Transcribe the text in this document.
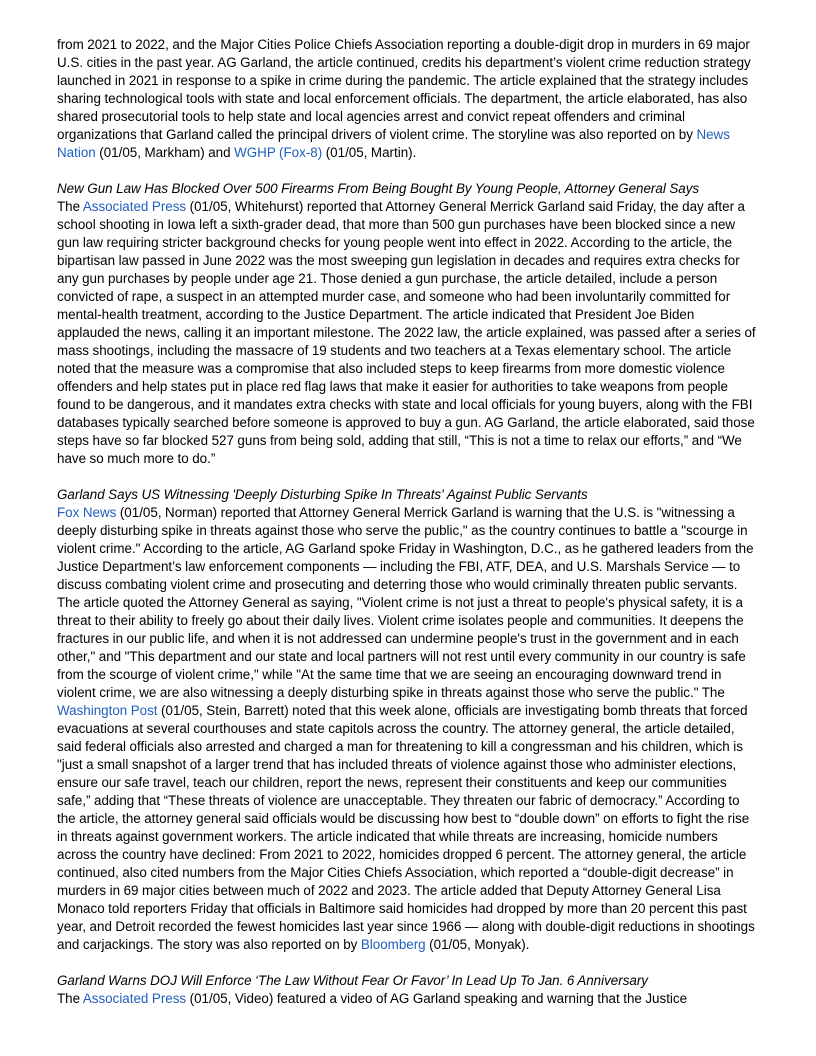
from 2021 to 2022, and the Major Cities Police Chiefs Association reporting a double-digit drop in murders in 69 major U.S. cities in the past year. AG Garland, the article continued, credits his department’s violent crime reduction strategy launched in 2021 in response to a spike in crime during the pandemic. The article explained that the strategy includes sharing technological tools with state and local enforcement officials. The department, the article elaborated, has also shared prosecutorial tools to help state and local agencies arrest and convict repeat offenders and criminal organizations that Garland called the principal drivers of violent crime. The storyline was also reported on by News Nation (01/05, Markham) and WGHP (Fox-8) (01/05, Martin).

New Gun Law Has Blocked Over 500 Firearms From Being Bought By Young People, Attorney General Says
The Associated Press (01/05, Whitehurst) reported that Attorney General Merrick Garland said Friday, the day after a school shooting in Iowa left a sixth-grader dead, that more than 500 gun purchases have been blocked since a new gun law requiring stricter background checks for young people went into effect in 2022. According to the article, the bipartisan law passed in June 2022 was the most sweeping gun legislation in decades and requires extra checks for any gun purchases by people under age 21. Those denied a gun purchase, the article detailed, include a person convicted of rape, a suspect in an attempted murder case, and someone who had been involuntarily committed for mental-health treatment, according to the Justice Department. The article indicated that President Joe Biden applauded the news, calling it an important milestone. The 2022 law, the article explained, was passed after a series of mass shootings, including the massacre of 19 students and two teachers at a Texas elementary school. The article noted that the measure was a compromise that also included steps to keep firearms from more domestic violence offenders and help states put in place red flag laws that make it easier for authorities to take weapons from people found to be dangerous, and it mandates extra checks with state and local officials for young buyers, along with the FBI databases typically searched before someone is approved to buy a gun. AG Garland, the article elaborated, said those steps have so far blocked 527 guns from being sold, adding that still, “This is not a time to relax our efforts,” and “We have so much more to do.”

Garland Says US Witnessing 'Deeply Disturbing Spike In Threats' Against Public Servants
Fox News (01/05, Norman) reported that Attorney General Merrick Garland is warning that the U.S. is "witnessing a deeply disturbing spike in threats against those who serve the public," as the country continues to battle a "scourge in violent crime." According to the article, AG Garland spoke Friday in Washington, D.C., as he gathered leaders from the Justice Department’s law enforcement components — including the FBI, ATF, DEA, and U.S. Marshals Service — to discuss combating violent crime and prosecuting and deterring those who would criminally threaten public servants. The article quoted the Attorney General as saying, "Violent crime is not just a threat to people's physical safety, it is a threat to their ability to freely go about their daily lives. Violent crime isolates people and communities. It deepens the fractures in our public life, and when it is not addressed can undermine people's trust in the government and in each other," and "This department and our state and local partners will not rest until every community in our country is safe from the scourge of violent crime," while "At the same time that we are seeing an encouraging downward trend in violent crime, we are also witnessing a deeply disturbing spike in threats against those who serve the public." The Washington Post (01/05, Stein, Barrett) noted that this week alone, officials are investigating bomb threats that forced evacuations at several courthouses and state capitols across the country. The attorney general, the article detailed, said federal officials also arrested and charged a man for threatening to kill a congressman and his children, which is "just a small snapshot of a larger trend that has included threats of violence against those who administer elections, ensure our safe travel, teach our children, report the news, represent their constituents and keep our communities safe,” adding that “These threats of violence are unacceptable. They threaten our fabric of democracy.” According to the article, the attorney general said officials would be discussing how best to “double down” on efforts to fight the rise in threats against government workers. The article indicated that while threats are increasing, homicide numbers across the country have declined: From 2021 to 2022, homicides dropped 6 percent. The attorney general, the article continued, also cited numbers from the Major Cities Chiefs Association, which reported a “double-digit decrease” in murders in 69 major cities between much of 2022 and 2023. The article added that Deputy Attorney General Lisa Monaco told reporters Friday that officials in Baltimore said homicides had dropped by more than 20 percent this past year, and Detroit recorded the fewest homicides last year since 1966 — along with double-digit reductions in shootings and carjackings. The story was also reported on by Bloomberg (01/05, Monyak).

Garland Warns DOJ Will Enforce ‘The Law Without Fear Or Favor’ In Lead Up To Jan. 6 Anniversary
The Associated Press (01/05, Video) featured a video of AG Garland speaking and warning that the Justice
